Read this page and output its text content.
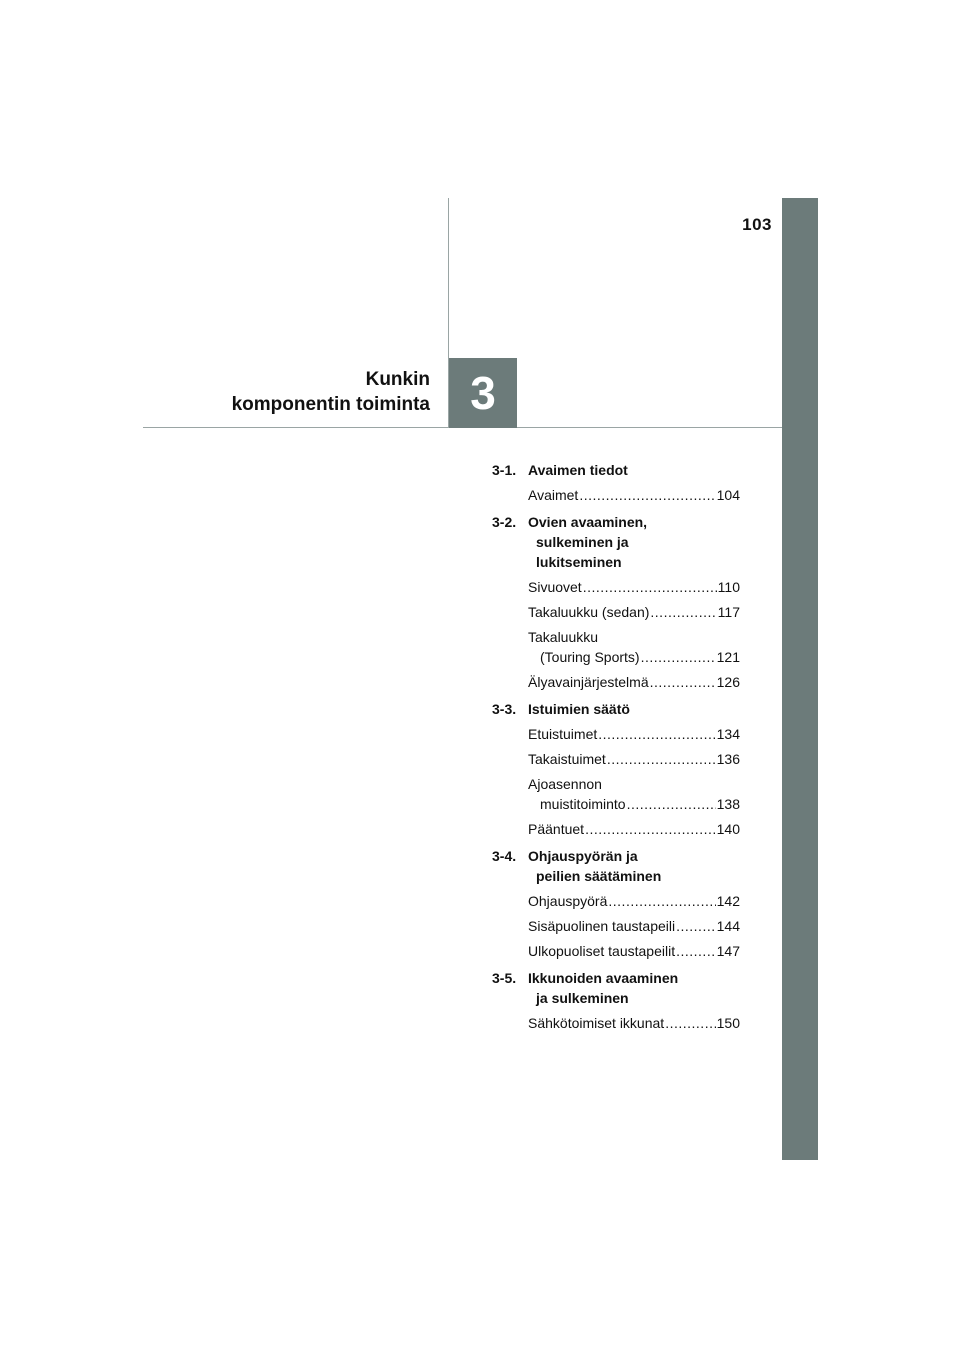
103
Kunkin
komponentin toiminta 3
3-1. Avaimen tiedot
Avaimet .....	104
3-2. Ovien avaaminen,
sulkeminen ja
lukitseminen
Sivuovet .....	110
Takaluukku (sedan) .....	117
Takaluukku
(Touring Sports) .....	121
Älyavainjärjestelmä .....	126
3-3. Istuimien säätö
Etuistuimet .....	134
Takaistuimet .....	136
Ajoasennon
muistitoiminto .....	138
Pääntuet .....	140
3-4. Ohjauspyörän ja
peilien säätäminen
Ohjauspyörä .....	142
Sisäpuolinen taustapeili .....	144
Ulkopuoliset taustapeilit .....	147
3-5. Ikkunoiden avaaminen
ja sulkeminen
Sähkötoimiset ikkunat .....	150
